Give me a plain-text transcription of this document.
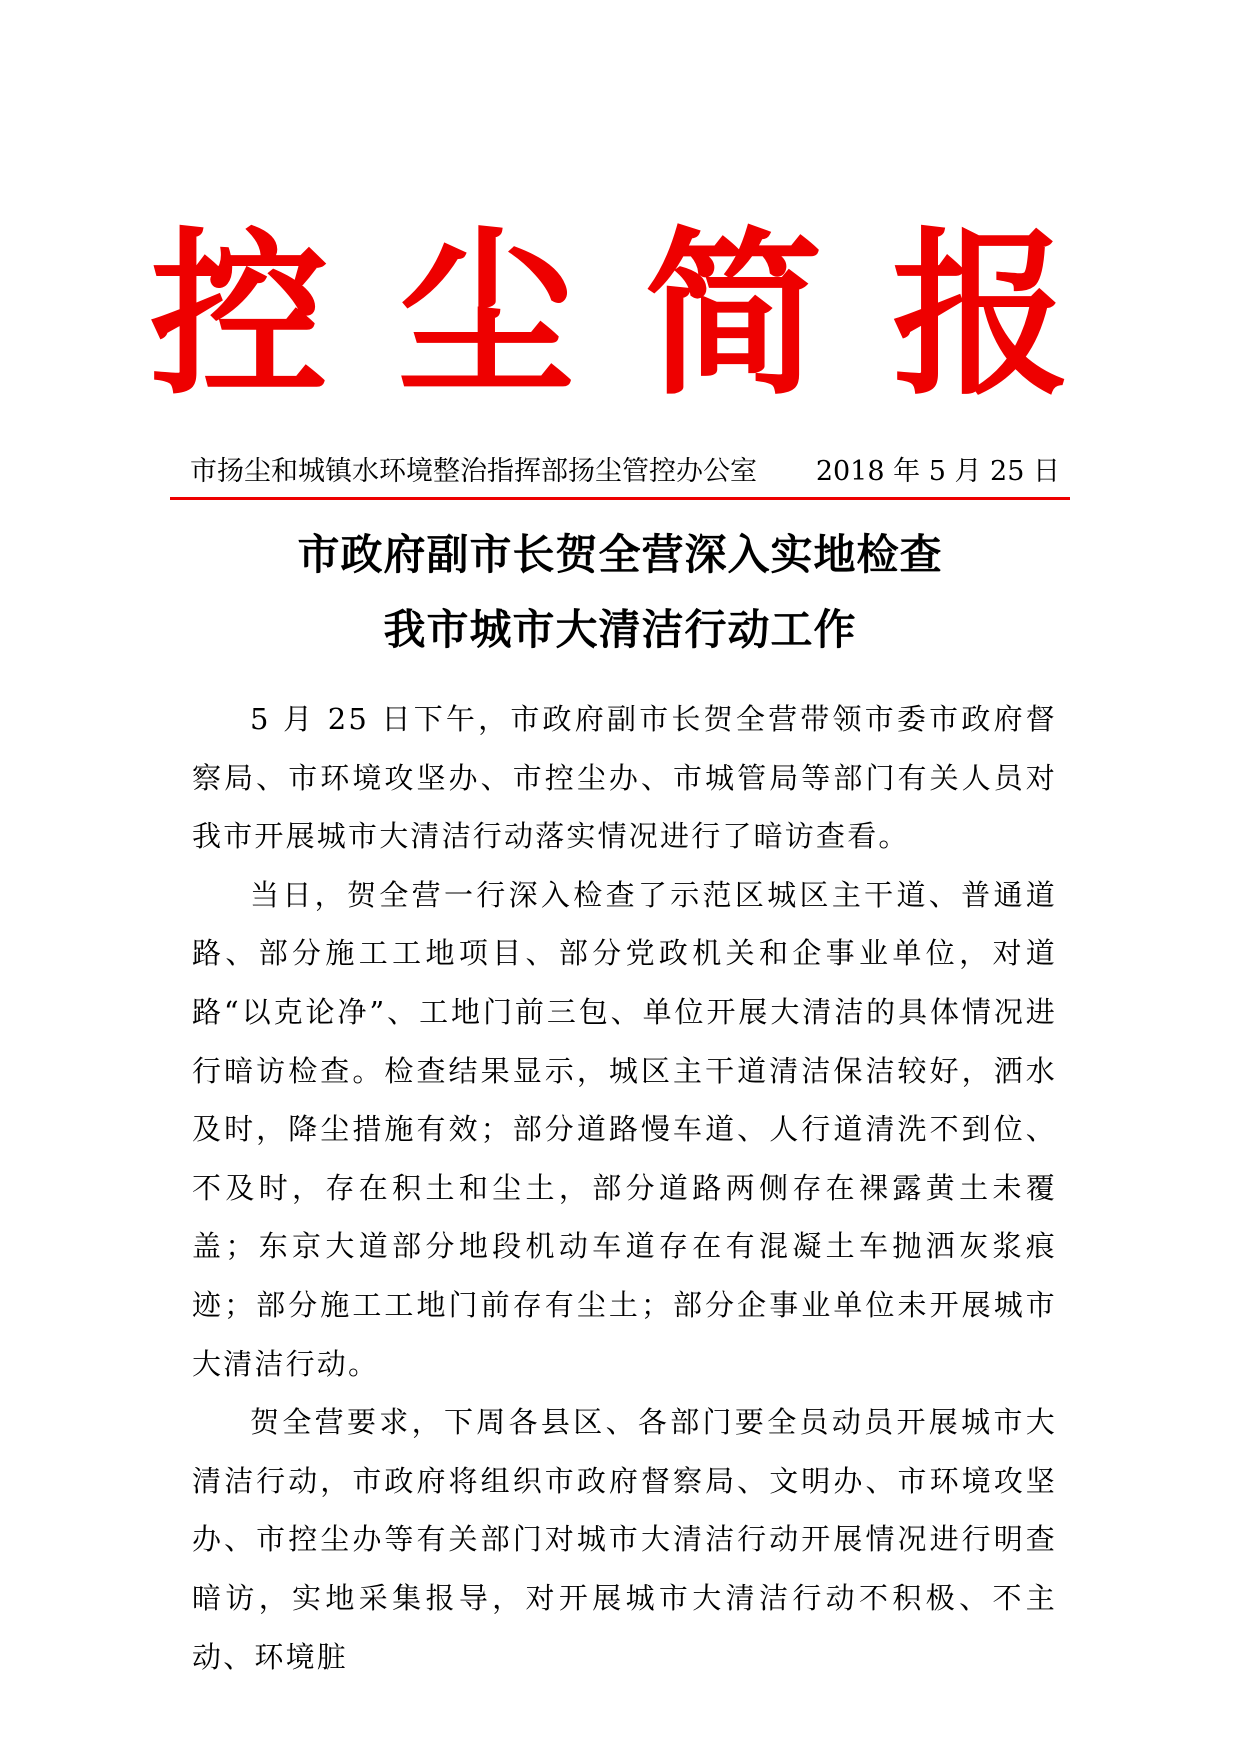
控 尘 简 报
市扬尘和城镇水环境整治指挥部扬尘管控办公室 2018 年 5 月 25 日
市政府副市长贺全营深入实地检查
我市城市大清洁行动工作

5 月 25 日下午，市政府副市长贺全营带领市委市政府督察局、市环境攻坚办、市控尘办、市城管局等部门有关人员对我市开展城市大清洁行动落实情况进行了暗访查看。

当日，贺全营一行深入检查了示范区城区主干道、普通道路、部分施工工地项目、部分党政机关和企事业单位，对道路“以克论净”、工地门前三包、单位开展大清洁的具体情况进行暗访检查。检查结果显示，城区主干道清洁保洁较好，洒水及时，降尘措施有效；部分道路慢车道、人行道清洗不到位、不及时，存在积土和尘土，部分道路两侧存在裸露黄土未覆盖；东京大道部分地段机动车道存在有混凝土车抛洒灰浆痕迹；部分施工工地门前存有尘土；部分企事业单位未开展城市大清洁行动。

贺全营要求，下周各县区、各部门要全员动员开展城市大清洁行动，市政府将组织市政府督察局、文明办、市环境攻坚办、市控尘办等有关部门对城市大清洁行动开展情况进行明查暗访，实地采集报导，对开展城市大清洁行动不积极、不主动、环境脏
